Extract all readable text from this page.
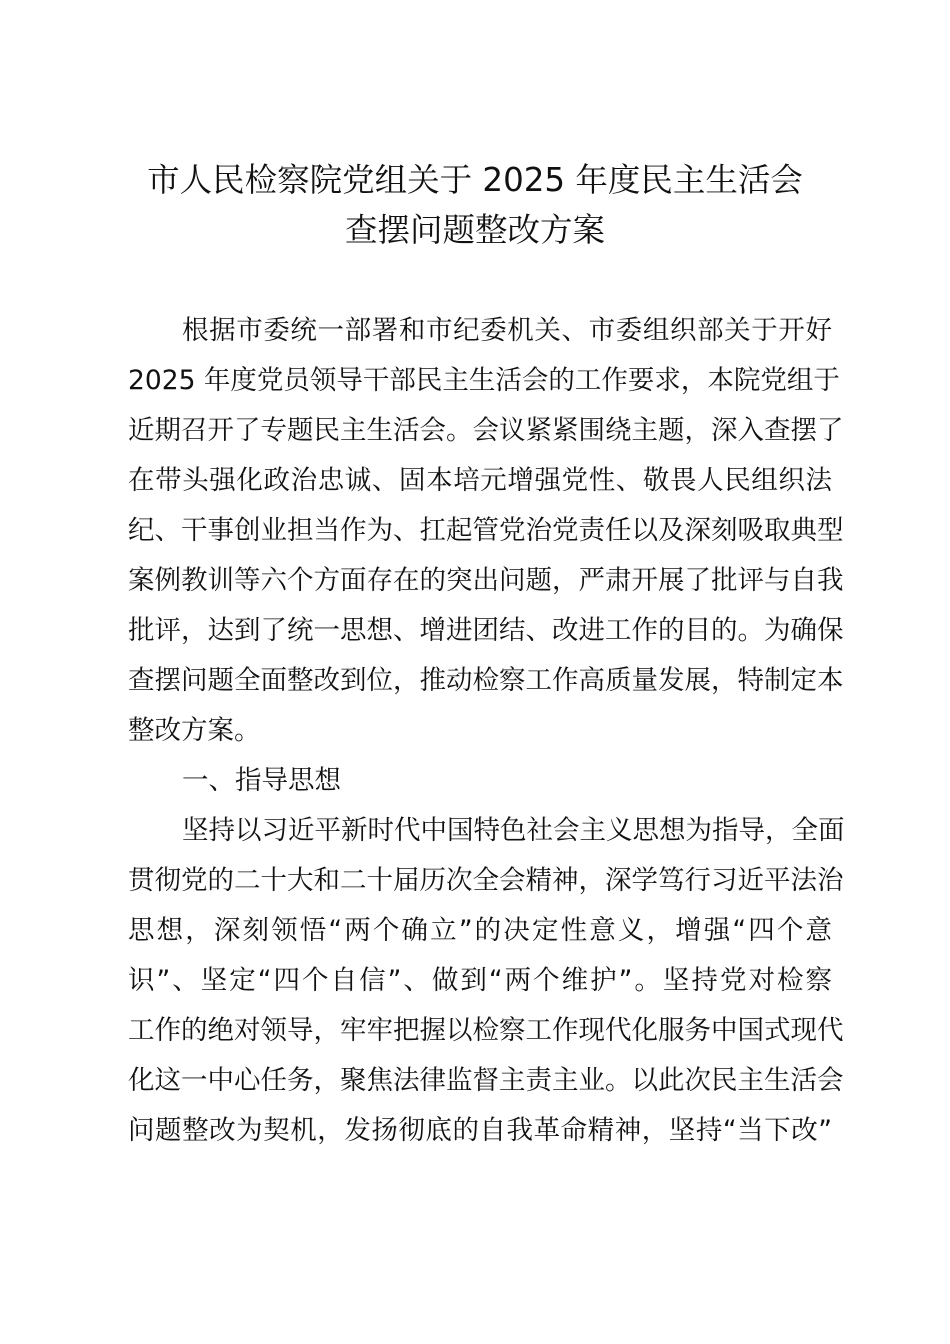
市人民检察院党组关于 2025 年度民主生活会
查摆问题整改方案
根据市委统一部署和市纪委机关、市委组织部关于开好
2025 年度党员领导干部民主生活会的工作要求，本院党组于
近期召开了专题民主生活会。会议紧紧围绕主题，深入查摆了
在带头强化政治忠诚、固本培元增强党性、敬畏人民组织法
纪、干事创业担当作为、扛起管党治党责任以及深刻吸取典型
案例教训等六个方面存在的突出问题，严肃开展了批评与自我
批评，达到了统一思想、增进团结、改进工作的目的。为确保
查摆问题全面整改到位，推动检察工作高质量发展，特制定本
整改方案。
一、指导思想
坚持以习近平新时代中国特色社会主义思想为指导，全面
贯彻党的二十大和二十届历次全会精神，深学笃行习近平法治
思想，深刻领悟“两个确立”的决定性意义，增强“四个意
识”、坚定“四个自信”、做到“两个维护”。坚持党对检察
工作的绝对领导，牢牢把握以检察工作现代化服务中国式现代
化这一中心任务，聚焦法律监督主责主业。以此次民主生活会
问题整改为契机，发扬彻底的自我革命精神，坚持“当下改”
